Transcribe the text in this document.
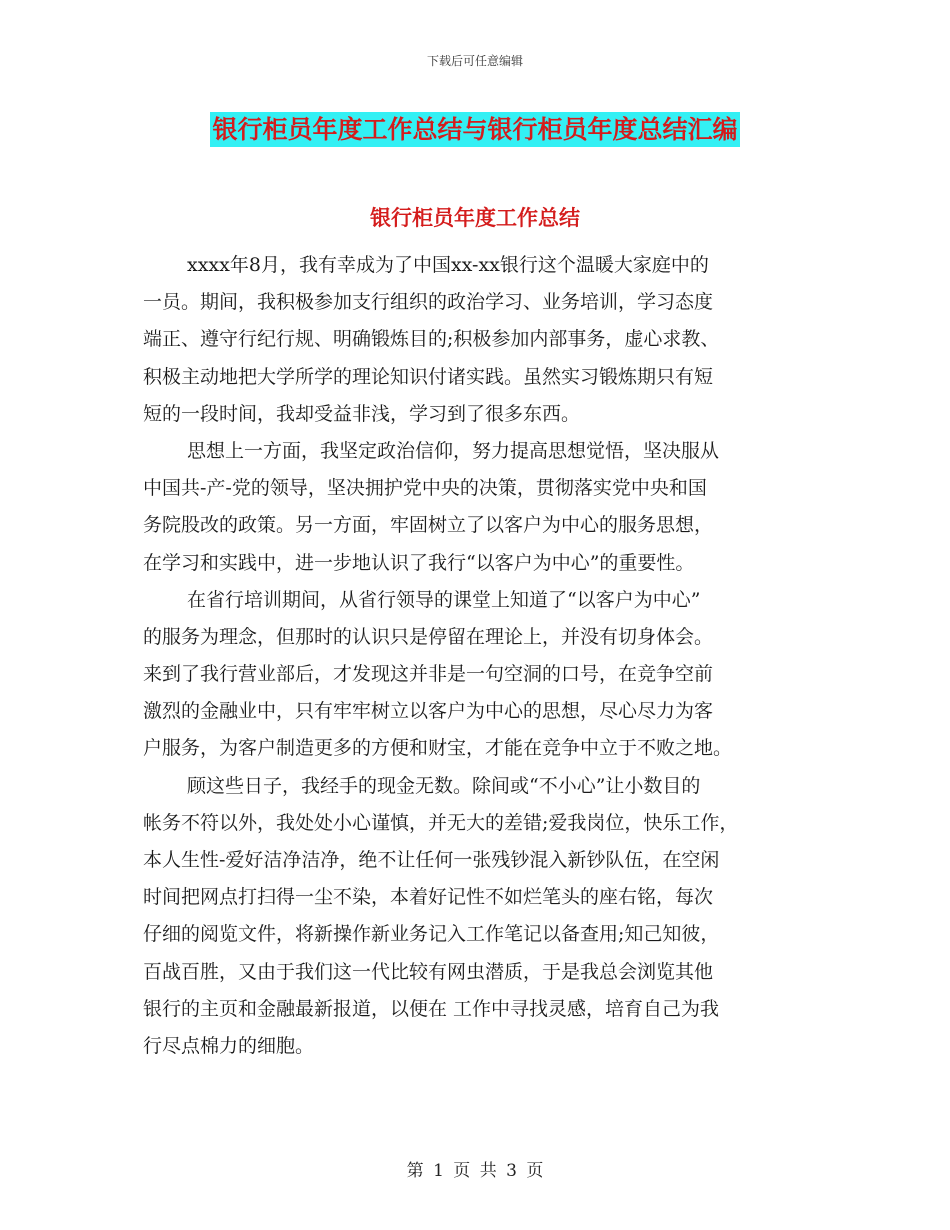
下载后可任意编辑
银行柜员年度工作总结与银行柜员年度总结汇编
银行柜员年度工作总结
xxxx年8月，我有幸成为了中国xx-xx银行这个温暖大家庭中的
一员。期间，我积极参加支行组织的政治学习、业务培训，学习态度
端正、遵守行纪行规、明确锻炼目的;积极参加内部事务，虚心求教、
积极主动地把大学所学的理论知识付诸实践。虽然实习锻炼期只有短
短的一段时间，我却受益非浅，学习到了很多东西。
思想上一方面，我坚定政治信仰，努力提高思想觉悟，坚决服从
中国共-产-党的领导，坚决拥护党中央的决策，贯彻落实党中央和国
务院股改的政策。另一方面，牢固树立了以客户为中心的服务思想，
在学习和实践中，进一步地认识了我行“以客户为中心”的重要性。
在省行培训期间，从省行领导的课堂上知道了“以客户为中心”
的服务为理念，但那时的认识只是停留在理论上，并没有切身体会。
来到了我行营业部后，才发现这并非是一句空洞的口号，在竞争空前
激烈的金融业中，只有牢牢树立以客户为中心的思想，尽心尽力为客
户服务，为客户制造更多的方便和财宝，才能在竞争中立于不败之地。
顾这些日子，我经手的现金无数。除间或“不小心”让小数目的
帐务不符以外，我处处小心谨慎，并无大的差错;爱我岗位，快乐工作，
本人生性-爱好洁净洁净，绝不让任何一张残钞混入新钞队伍，在空闲
时间把网点打扫得一尘不染，本着好记性不如烂笔头的座右铭，每次
仔细的阅览文件，将新操作新业务记入工作笔记以备查用;知己知彼，
百战百胜，又由于我们这一代比较有网虫潜质，于是我总会浏览其他
银行的主页和金融最新报道，以便在 工作中寻找灵感，培育自己为我
行尽点棉力的细胞。
第 1 页 共 3 页
